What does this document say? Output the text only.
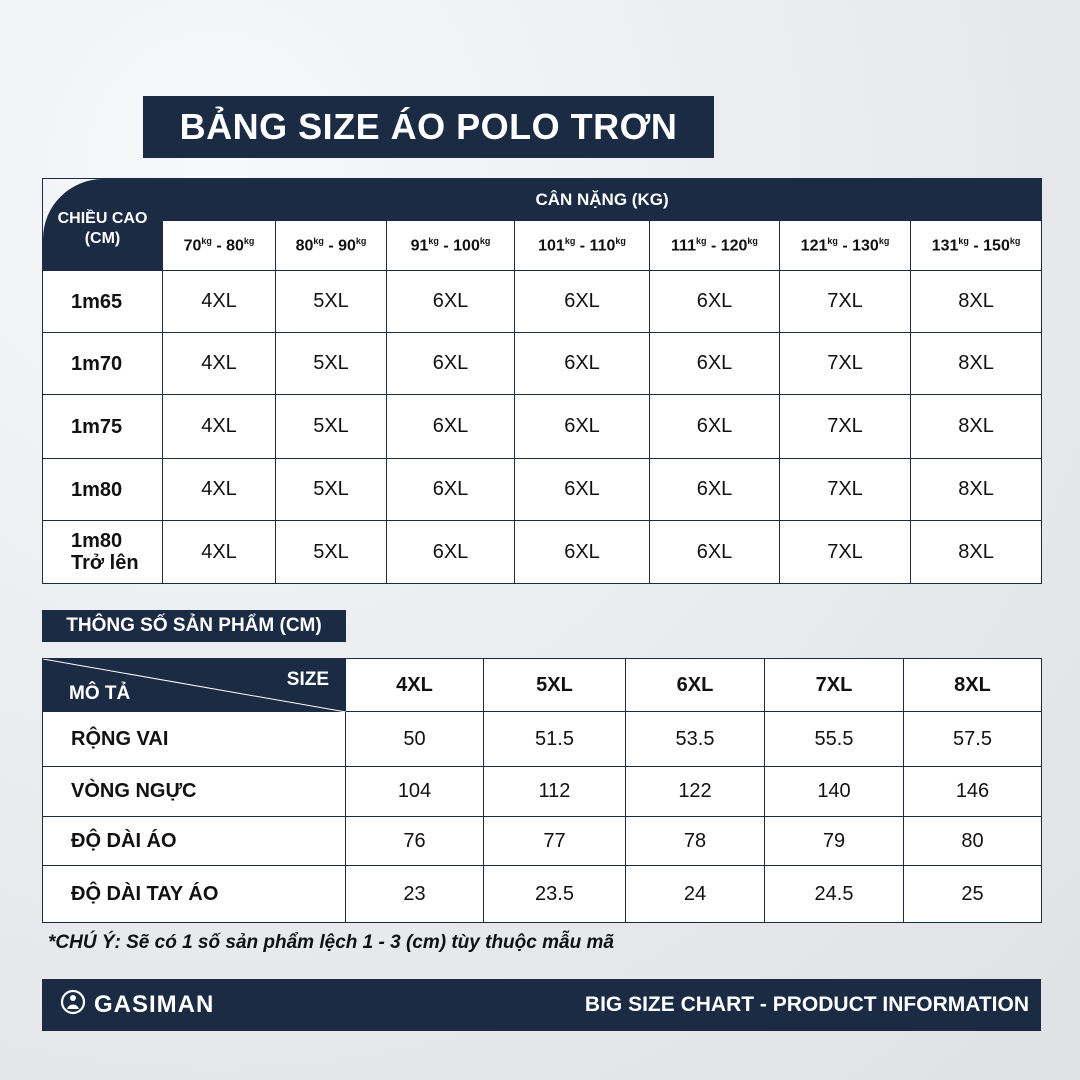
BẢNG SIZE ÁO POLO TRƠN
CHIỀU CAO
(CM)	CÂN NẶNG (KG)						
	$70^{kg} - 80^{kg}$	$80^{kg} - 90^{kg}$	$91^{kg} - 100^{kg}$	$101^{kg} - 110^{kg}$	$111^{kg} - 120^{kg}$	$121^{kg} - 130^{kg}$	$131^{kg} - 150^{kg}$

1m65	4XL	5XL	6XL	6XL	6XL	7XL	8XL

1m70	4XL	5XL	6XL	6XL	6XL	7XL	8XL

1m75	4XL	5XL	6XL	6XL	6XL	7XL	8XL

1m80	4XL	5XL	6XL	6XL	6XL	7XL	8XL

1m80
Trở lên	4XL	5XL	6XL	6XL	6XL	7XL	8XL
THÔNG SỐ SẢN PHẨM (CM)
SIZE
MÔ TẢ	4XL	5XL	6XL	7XL	8XL
RỘNG VAI	50	51.5	53.5	55.5	57.5
VÒNG NGỰC	104	112	122	140	146
ĐỘ DÀI ÁO	76	77	78	79	80
ĐỘ DÀI TAY ÁO	23	23.5	24	24.5	25
*CHÚ Ý: Sẽ có 1 số sản phẩm lệch 1 - 3 (cm) tùy thuộc mẫu mã
GASIMAN	BIG SIZE CHART - PRODUCT INFORMATION
